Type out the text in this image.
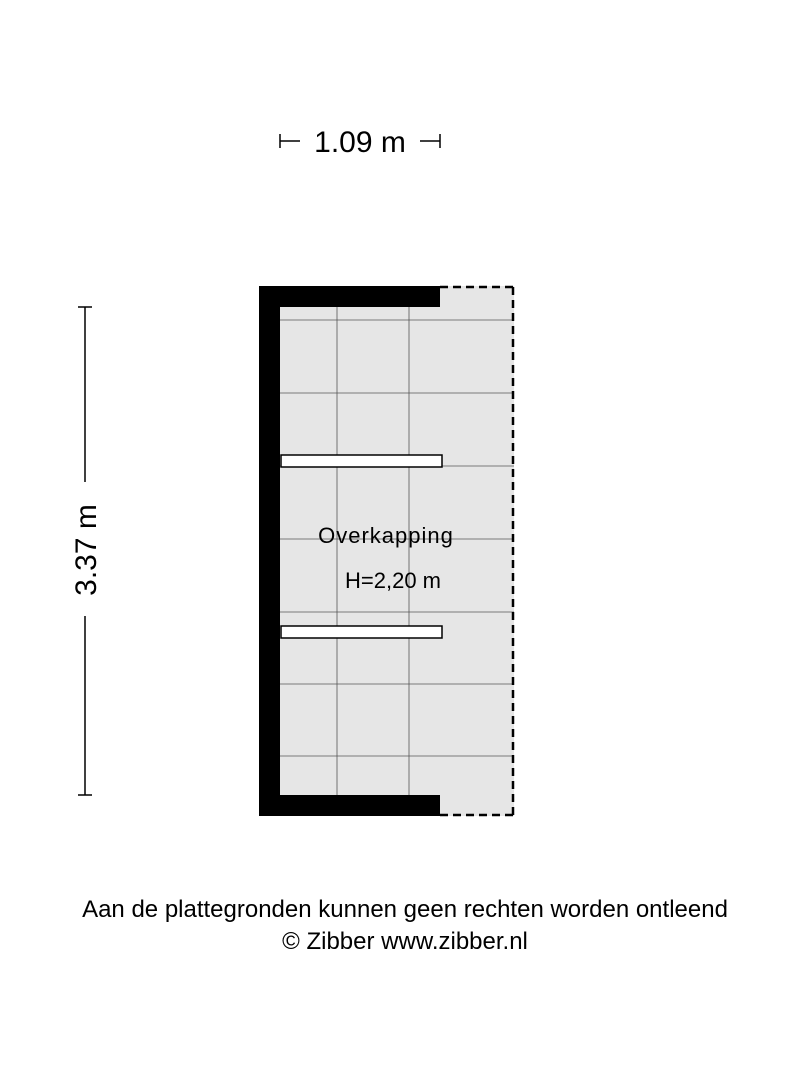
1.09 m
3.37 m	Overkapping
H=2,20 m
Aan de plattegronden kunnen geen rechten worden ontleend
© Zibber www.zibber.nl
